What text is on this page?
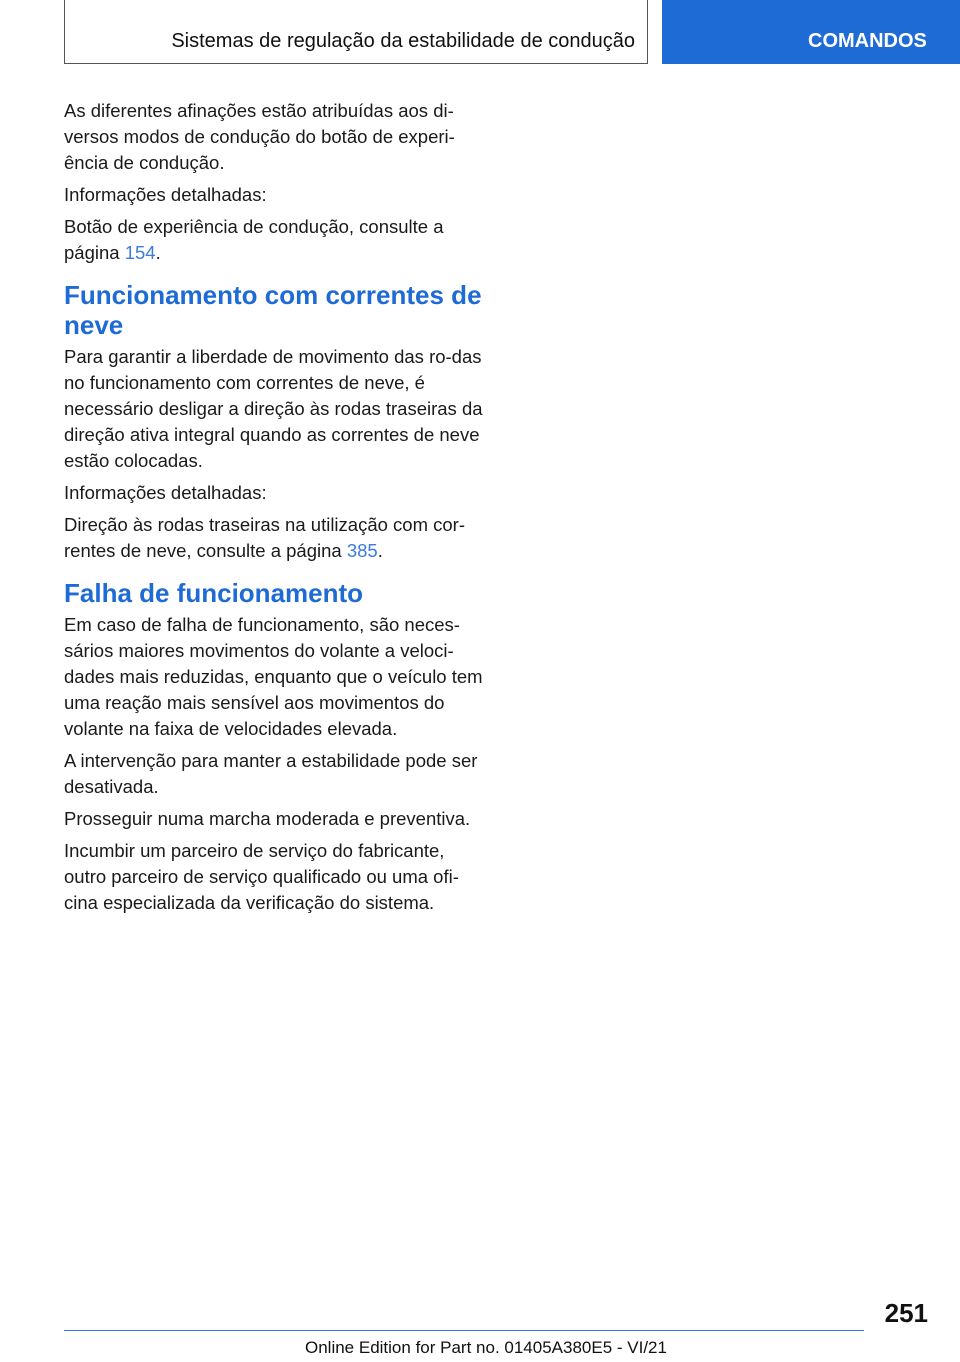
Sistemas de regulação da estabilidade de condução	COMANDOS

As diferentes afinações estão atribuídas aos di-versos modos de condução do botão de experi-ência de condução.

Informações detalhadas:

Botão de experiência de condução, consulte a página 154.

Funcionamento com correntes de neve

Para garantir a liberdade de movimento das ro-das no funcionamento com correntes de neve, é necessário desligar a direção às rodas traseiras da direção ativa integral quando as correntes de neve estão colocadas.

Informações detalhadas:

Direção às rodas traseiras na utilização com cor-rentes de neve, consulte a página 385.

Falha de funcionamento

Em caso de falha de funcionamento, são neces-sários maiores movimentos do volante a veloci-dades mais reduzidas, enquanto que o veículo tem uma reação mais sensível aos movimentos do volante na faixa de velocidades elevada.

A intervenção para manter a estabilidade pode ser desativada.

Prosseguir numa marcha moderada e preventiva.

Incumbir um parceiro de serviço do fabricante, outro parceiro de serviço qualificado ou uma ofi-cina especializada da verificação do sistema.

251
Online Edition for Part no. 01405A380E5 - VI/21
